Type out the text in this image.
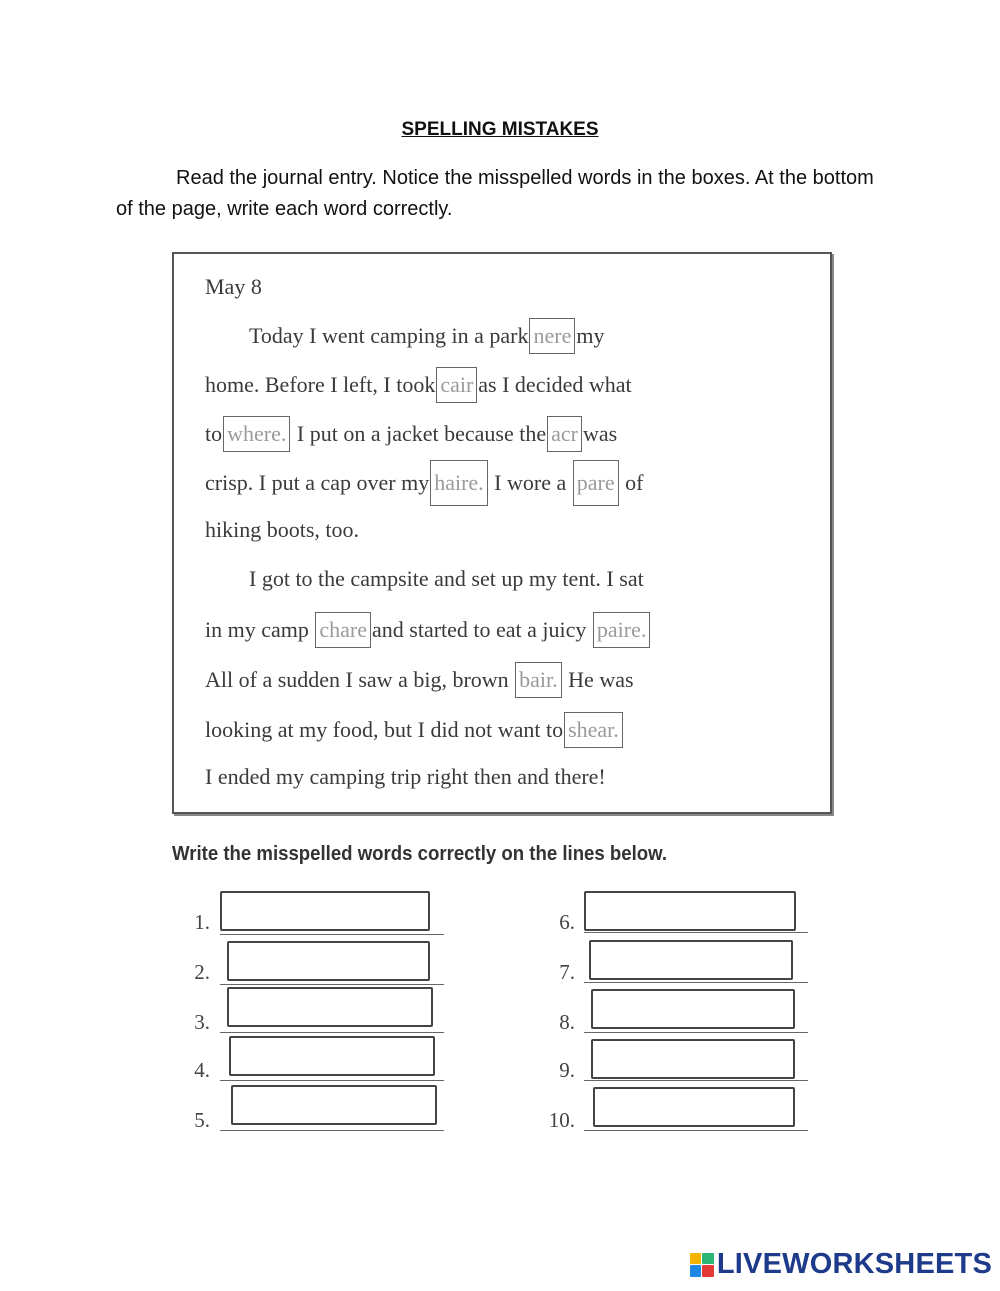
SPELLING MISTAKES
Read the journal entry. Notice the misspelled words in the boxes. At the bottom of the page, write each word correctly.
May 8
Today I went camping in a park nere my
home. Before I left, I took cair as I decided what
to where. I put on a jacket because the acr was
crisp. I put a cap over my haire. I wore a pare of
hiking boots, too.
I got to the campsite and set up my tent. I sat
in my camp chare and started to eat a juicy paire.
All of a sudden I saw a big, brown bair. He was
looking at my food, but I did not want to shear.
I ended my camping trip right then and there!
Write the misspelled words correctly on the lines below.
1.
2.
3.
4.
5.
6.
7.
8.
9.
10.
LIVEWORKSHEETS
